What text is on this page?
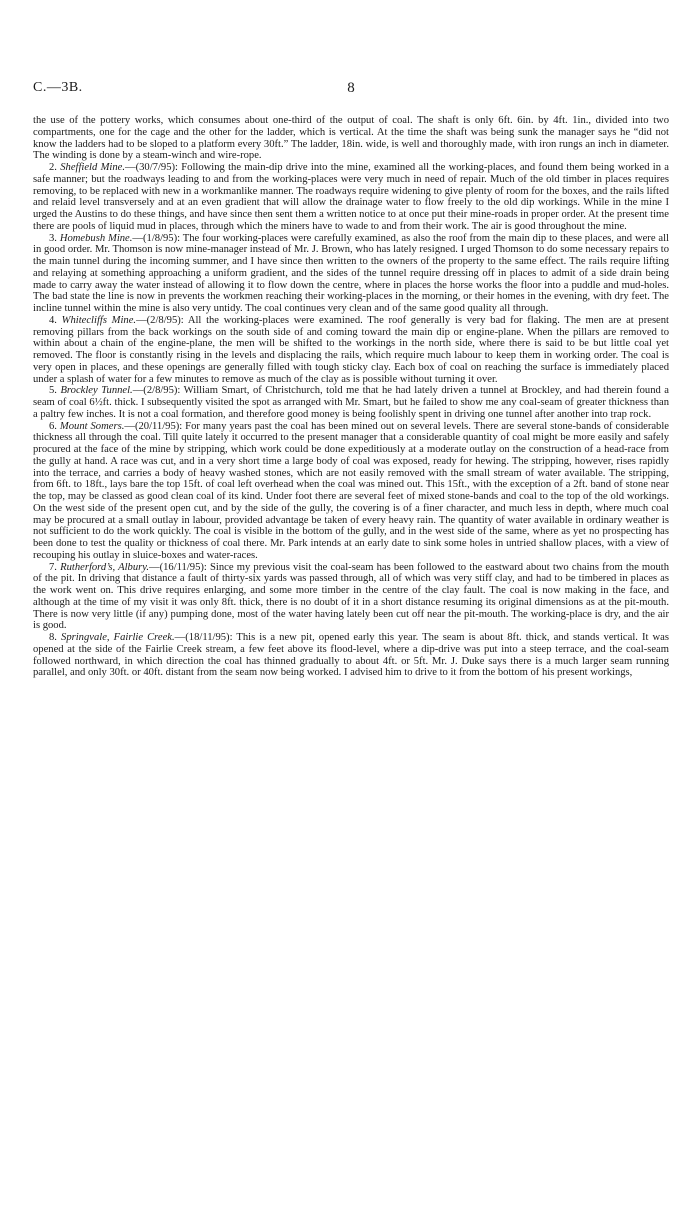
C.—3B.	8

the use of the pottery works, which consumes about one-third of the output of coal. The shaft is only 6ft. 6in. by 4ft. 1in., divided into two compartments, one for the cage and the other for the ladder, which is vertical. At the time the shaft was being sunk the manager says he “did not know the ladders had to be sloped to a platform every 30ft.” The ladder, 18in. wide, is well and thoroughly made, with iron rungs an inch in diameter. The winding is done by a steam-winch and wire-rope.

2. Sheffield Mine.—(30/7/95): Following the main-dip drive into the mine, examined all the working-places, and found them being worked in a safe manner; but the roadways leading to and from the working-places were very much in need of repair. Much of the old timber in places requires removing, to be replaced with new in a workmanlike manner. The roadways require widening to give plenty of room for the boxes, and the rails lifted and relaid level transversely and at an even gradient that will allow the drainage water to flow freely to the old dip workings. While in the mine I urged the Austins to do these things, and have since then sent them a written notice to at once put their mine-roads in proper order. At the present time there are pools of liquid mud in places, through which the miners have to wade to and from their work. The air is good throughout the mine.

3. Homebush Mine.—(1/8/95): The four working-places were carefully examined, as also the roof from the main dip to these places, and were all in good order. Mr. Thomson is now mine-manager instead of Mr. J. Brown, who has lately resigned. I urged Thomson to do some necessary repairs to the main tunnel during the incoming summer, and I have since then written to the owners of the property to the same effect. The rails require lifting and relaying at something approaching a uniform gradient, and the sides of the tunnel require dressing off in places to admit of a side drain being made to carry away the water instead of allowing it to flow down the centre, where in places the horse works the floor into a puddle and mud-holes. The bad state the line is now in prevents the workmen reaching their working-places in the morning, or their homes in the evening, with dry feet. The incline tunnel within the mine is also very untidy. The coal continues very clean and of the same good quality all through.

4. Whitecliffs Mine.—(2/8/95): All the working-places were examined. The roof generally is very bad for flaking. The men are at present removing pillars from the back workings on the south side of and coming toward the main dip or engine-plane. When the pillars are removed to within about a chain of the engine-plane, the men will be shifted to the workings in the north side, where there is said to be but little coal yet removed. The floor is constantly rising in the levels and displacing the rails, which require much labour to keep them in working order. The coal is very open in places, and these openings are generally filled with tough sticky clay. Each box of coal on reaching the surface is immediately placed under a splash of water for a few minutes to remove as much of the clay as is possible without turning it over.

5. Brockley Tunnel.—(2/8/95): William Smart, of Christchurch, told me that he had lately driven a tunnel at Brockley, and had therein found a seam of coal 6½ft. thick. I subsequently visited the spot as arranged with Mr. Smart, but he failed to show me any coal-seam of greater thickness than a paltry few inches. It is not a coal formation, and therefore good money is being foolishly spent in driving one tunnel after another into trap rock.

6. Mount Somers.—(20/11/95): For many years past the coal has been mined out on several levels. There are several stone-bands of considerable thickness all through the coal. Till quite lately it occurred to the present manager that a considerable quantity of coal might be more easily and safely procured at the face of the mine by stripping, which work could be done expeditiously at a moderate outlay on the construction of a head-race from the gully at hand. A race was cut, and in a very short time a large body of coal was exposed, ready for hewing. The stripping, however, rises rapidly into the terrace, and carries a body of heavy washed stones, which are not easily removed with the small stream of water available. The stripping, from 6ft. to 18ft., lays bare the top 15ft. of coal left overhead when the coal was mined out. This 15ft., with the exception of a 2ft. band of stone near the top, may be classed as good clean coal of its kind. Under foot there are several feet of mixed stone-bands and coal to the top of the old workings. On the west side of the present open cut, and by the side of the gully, the covering is of a finer character, and much less in depth, where much coal may be procured at a small outlay in labour, provided advantage be taken of every heavy rain. The quantity of water available in ordinary weather is not sufficient to do the work quickly. The coal is visible in the bottom of the gully, and in the west side of the same, where as yet no prospecting has been done to test the quality or thickness of coal there. Mr. Park intends at an early date to sink some holes in untried shallow places, with a view of recouping his outlay in sluice-boxes and water-races.

7. Rutherford’s, Albury.—(16/11/95): Since my previous visit the coal-seam has been followed to the eastward about two chains from the mouth of the pit. In driving that distance a fault of thirty-six yards was passed through, all of which was very stiff clay, and had to be timbered in places as the work went on. This drive requires enlarging, and some more timber in the centre of the clay fault. The coal is now making in the face, and although at the time of my visit it was only 8ft. thick, there is no doubt of it in a short distance resuming its original dimensions as at the pit-mouth. There is now very little (if any) pumping done, most of the water having lately been cut off near the pit-mouth. The working-place is dry, and the air is good.

8. Springvale, Fairlie Creek.—(18/11/95): This is a new pit, opened early this year. The seam is about 8ft. thick, and stands vertical. It was opened at the side of the Fairlie Creek stream, a few feet above its flood-level, where a dip-drive was put into a steep terrace, and the coal-seam followed northward, in which direction the coal has thinned gradually to about 4ft. or 5ft. Mr. J. Duke says there is a much larger seam running parallel, and only 30ft. or 40ft. distant from the seam now being worked. I advised him to drive to it from the bottom of his present workings,
